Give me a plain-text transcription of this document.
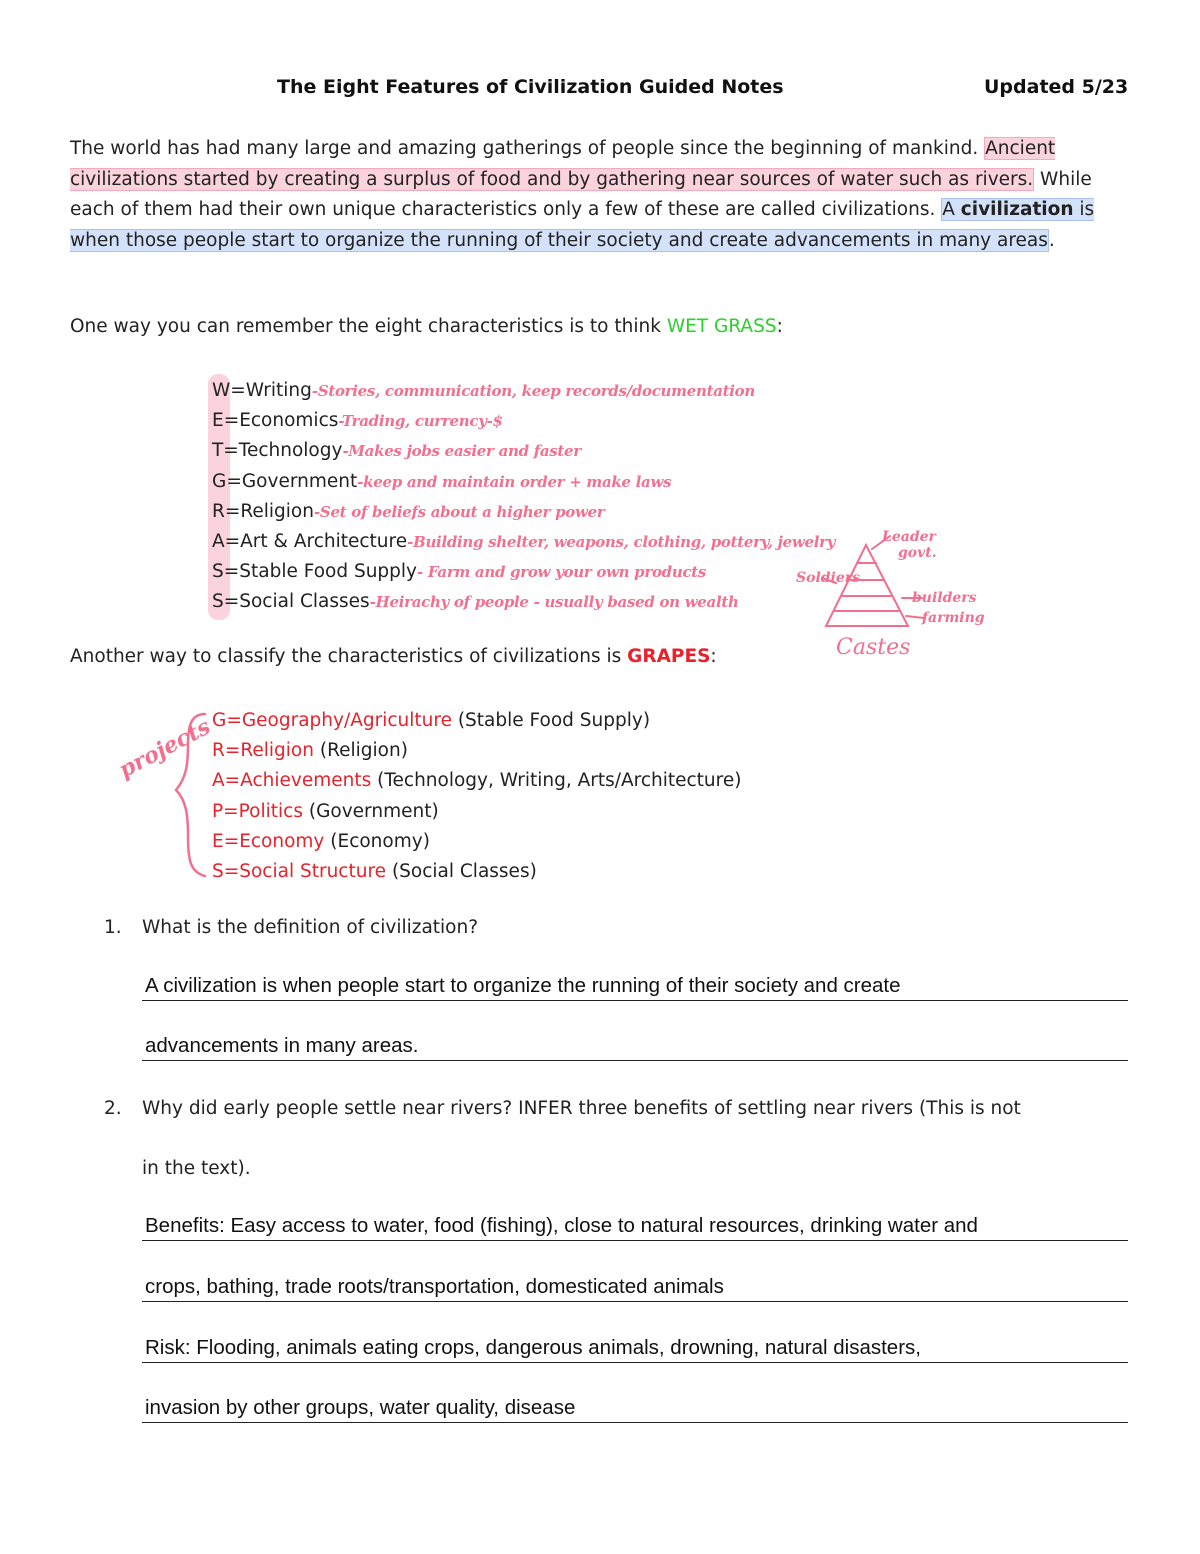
The Eight Features of Civilization Guided Notes	Updated 5/23
The world has had many large and amazing gatherings of people since the beginning of mankind. Ancient civilizations started by creating a surplus of food and by gathering near sources of water such as rivers. While each of them had their own unique characteristics only a few of these are called civilizations. A civilization is when those people start to organize the running of their society and create advancements in many areas.
One way you can remember the eight characteristics is to think WET GRASS:
W=Writing-Stories, communication, keep records/documentation
E=Economics-Trading, currency-$
T=Technology-Makes jobs easier and faster
G=Government-keep and maintain order + make laws
R=Religion-Set of beliefs about a higher power
A=Art & Architecture-Building shelter, weapons, clothing, pottery, jewelry
S=Stable Food Supply- Farm and grow your own products
S=Social Classes-Heirachy of people - usually based on wealth
Leader
govt.
Soldiers
builders
farming
Castes
projects
Another way to classify the characteristics of civilizations is GRAPES:
G=Geography/Agriculture (Stable Food Supply)
R=Religion (Religion)
A=Achievements (Technology, Writing, Arts/Architecture)
P=Politics (Government)
E=Economy (Economy)
S=Social Structure (Social Classes)
1. What is the definition of civilization?
A civilization is when people start to organize the running of their society and create
advancements in many areas.
2. Why did early people settle near rivers? INFER three benefits of settling near rivers (This is not
in the text).
Benefits: Easy access to water, food (fishing), close to natural resources, drinking water and
crops, bathing, trade roots/transportation, domesticated animals
Risk: Flooding, animals eating crops, dangerous animals, drowning, natural disasters,
invasion by other groups, water quality, disease
